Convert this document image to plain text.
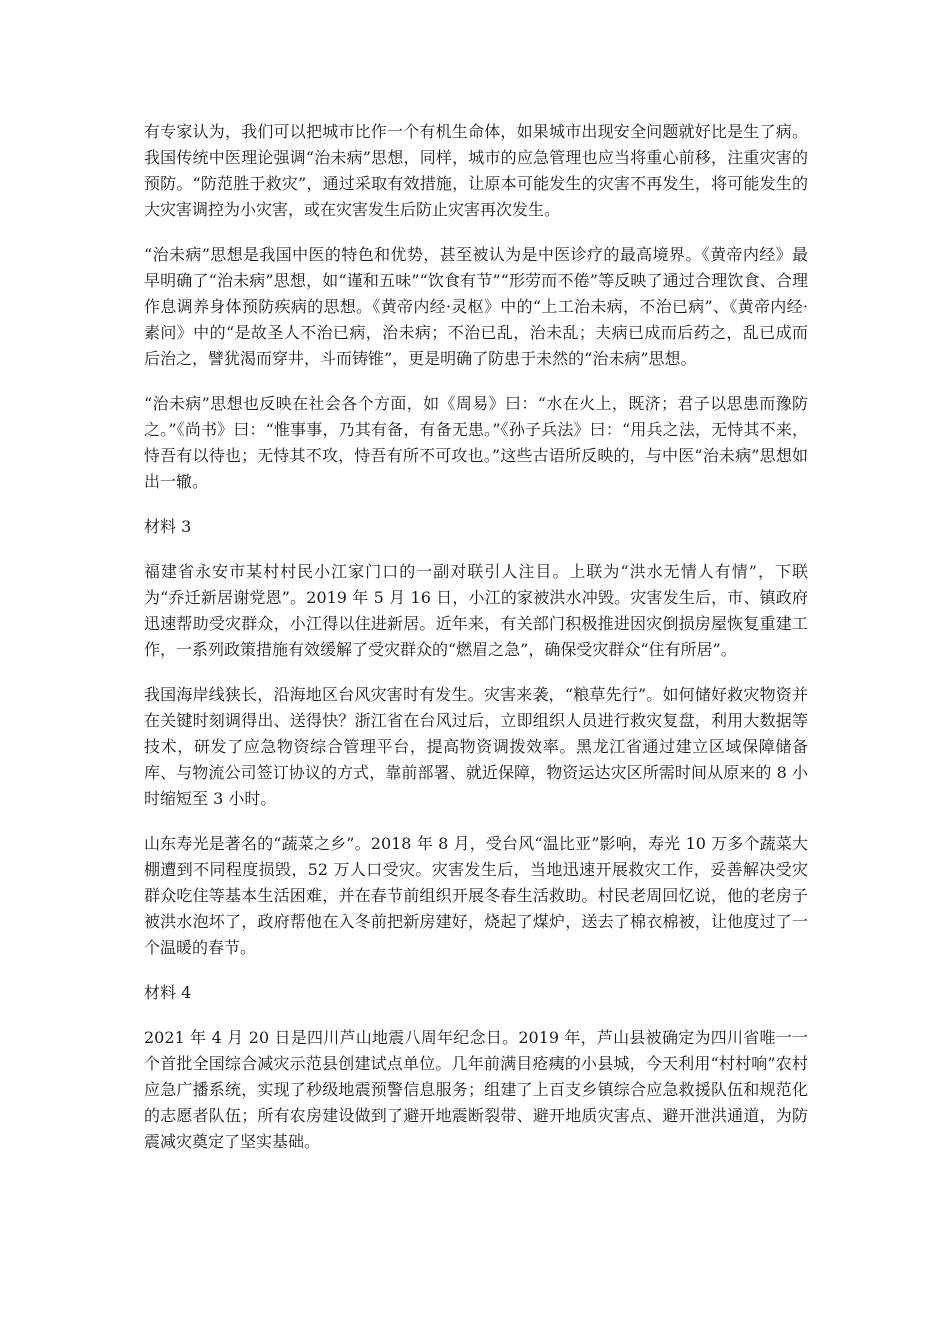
有专家认为，我们可以把城市比作一个有机生命体，如果城市出现安全问题就好比是生了病。我国传统中医理论强调“治未病”思想，同样，城市的应急管理也应当将重心前移，注重灾害的预防。“防范胜于救灾”，通过采取有效措施，让原本可能发生的灾害不再发生，将可能发生的大灾害调控为小灾害，或在灾害发生后防止灾害再次发生。

“治未病”思想是我国中医的特色和优势，甚至被认为是中医诊疗的最高境界。《黄帝内经》最早明确了“治未病”思想，如“谨和五味”“饮食有节”“形劳而不倦”等反映了通过合理饮食、合理作息调养身体预防疾病的思想。《黄帝内经·灵枢》中的“上工治未病，不治已病”、《黄帝内经·素问》中的“是故圣人不治已病，治未病；不治已乱，治未乱；夫病已成而后药之，乱已成而后治之，譬犹渴而穿井，斗而铸锥”，更是明确了防患于未然的“治未病”思想。

“治未病”思想也反映在社会各个方面，如《周易》曰：“水在火上，既济；君子以思患而豫防之。”《尚书》曰：“惟事事，乃其有备，有备无患。”《孙子兵法》曰：“用兵之法，无恃其不来，恃吾有以待也；无恃其不攻，恃吾有所不可攻也。”这些古语所反映的，与中医“治未病”思想如出一辙。

材料 3

福建省永安市某村村民小江家门口的一副对联引人注目。上联为“洪水无情人有情”，下联为“乔迁新居谢党恩”。2019 年 5 月 16 日，小江的家被洪水冲毁。灾害发生后，市、镇政府迅速帮助受灾群众，小江得以住进新居。近年来，有关部门积极推进因灾倒损房屋恢复重建工作，一系列政策措施有效缓解了受灾群众的“燃眉之急”，确保受灾群众“住有所居”。

我国海岸线狭长，沿海地区台风灾害时有发生。灾害来袭，“粮草先行”。如何储好救灾物资并在关键时刻调得出、送得快？浙江省在台风过后，立即组织人员进行救灾复盘，利用大数据等技术，研发了应急物资综合管理平台，提高物资调拨效率。黑龙江省通过建立区域保障储备库、与物流公司签订协议的方式，靠前部署、就近保障，物资运达灾区所需时间从原来的 8 小时缩短至 3 小时。

山东寿光是著名的“蔬菜之乡”。2018 年 8 月，受台风“温比亚”影响，寿光 10 万多个蔬菜大棚遭到不同程度损毁，52 万人口受灾。灾害发生后，当地迅速开展救灾工作，妥善解决受灾群众吃住等基本生活困难，并在春节前组织开展冬春生活救助。村民老周回忆说，他的老房子被洪水泡坏了，政府帮他在入冬前把新房建好，烧起了煤炉，送去了棉衣棉被，让他度过了一个温暖的春节。

材料 4

2021 年 4 月 20 日是四川芦山地震八周年纪念日。2019 年，芦山县被确定为四川省唯一一个首批全国综合减灾示范县创建试点单位。几年前满目疮痍的小县城，今天利用“村村响”农村应急广播系统，实现了秒级地震预警信息服务；组建了上百支乡镇综合应急救援队伍和规范化的志愿者队伍；所有农房建设做到了避开地震断裂带、避开地质灾害点、避开泄洪通道，为防震减灾奠定了坚实基础。
